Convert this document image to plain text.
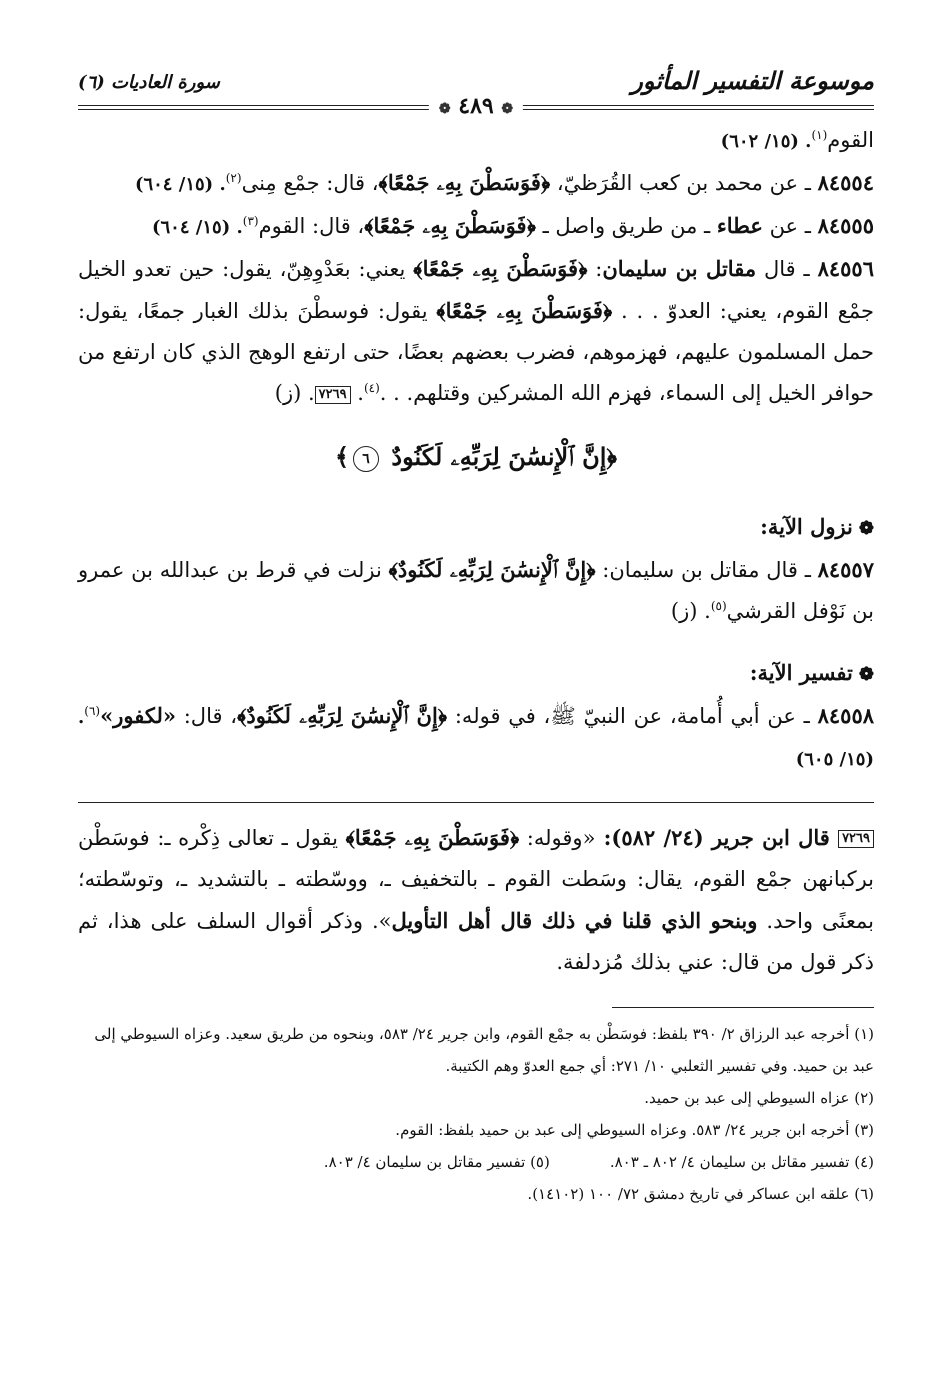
موسوعة التفسير المأثور
سورة العاديات (٦)
❁ ٤٨٩ ❁

القوم$^{(١)}$. (١٥/ ٦٠٢)

٨٤٥٥٤ ـ عن محمد بن كعب القُرَظيّ، ﴿فَوَسَطْنَ بِهِۦ جَمْعًا﴾، قال: جمْع مِنى$^{(٢)}$. (١٥/ ٦٠٤)

٨٤٥٥٥ ـ عن عطاء ـ من طريق واصل ـ ﴿فَوَسَطْنَ بِهِۦ جَمْعًا﴾، قال: القوم$^{(٣)}$. (١٥/ ٦٠٤)

٨٤٥٥٦ ـ قال مقاتل بن سليمان: ﴿فَوَسَطْنَ بِهِۦ جَمْعًا﴾ يعني: بعَدْوِهِنّ، يقول: حين تعدو الخيل جمْع القوم، يعني: العدوّ . . . ﴿فَوَسَطْنَ بِهِۦ جَمْعًا﴾ يقول: فوسطْنَ بذلك الغبار جمعًا، يقول: حمل المسلمون عليهم، فهزموهم، فضرب بعضهم بعضًا، حتى ارتفع الوهج الذي كان ارتفع من حوافر الخيل إلى السماء، فهزم الله المشركين وقتلهم. . .$^{(٤)}$. ٧٢٦٩. (ز)

﴿إِنَّ ٱلْإِنسَٰنَ لِرَبِّهِۦ لَكَنُودٌ ٦﴾
❁نزول الآية:

٨٤٥٥٧ ـ قال مقاتل بن سليمان: ﴿إِنَّ ٱلْإِنسَٰنَ لِرَبِّهِۦ لَكَنُودٌ﴾ نزلت في قرط بن عبدالله بن عمرو بن نَوْفل القرشي$^{(٥)}$. (ز)

❁تفسير الآية:

٨٤٥٥٨ ـ عن أبي أُمامة، عن النبيّ ﷺ، في قوله: ﴿إِنَّ ٱلْإِنسَٰنَ لِرَبِّهِۦ لَكَنُودٌ﴾، قال: «لكفور»$^{(٦)}$. (١٥/ ٦٠٥)

٧٢٦٩ قال ابن جرير (٢٤/ ٥٨٢): «وقوله: ﴿فَوَسَطْنَ بِهِۦ جَمْعًا﴾ يقول ـ تعالى ذِكْره ـ: فوسَطْن بركبانهن جمْع القوم، يقال: وسَطت القوم ـ بالتخفيف ـ، ووسّطته ـ بالتشديد ـ، وتوسّطته؛ بمعنًى واحد. وبنحو الذي قلنا في ذلك قال أهل التأويل». وذكر أقوال السلف على هذا، ثم ذكر قول من قال: عني بذلك مُزدلفة.

(١) أخرجه عبد الرزاق ٢/ ٣٩٠ بلفظ: فوسَطْن به جمْع القوم، وابن جرير ٢٤/ ٥٨٣، وبنحوه من طريق سعيد. وعزاه السيوطي إلى عبد بن حميد. وفي تفسير الثعلبي ١٠/ ٢٧١: أي جمع العدوّ وهم الكتيبة.

(٢) عزاه السيوطي إلى عبد بن حميد.

(٣) أخرجه ابن جرير ٢٤/ ٥٨٣. وعزاه السيوطي إلى عبد بن حميد بلفظ: القوم.

(٤) تفسير مقاتل بن سليمان ٤/ ٨٠٢ ـ ٨٠٣.
(٥) تفسير مقاتل بن سليمان ٤/ ٨٠٣.

(٦) علقه ابن عساكر في تاريخ دمشق ٧٢/ ١٠٠ (١٤١٠٢).
